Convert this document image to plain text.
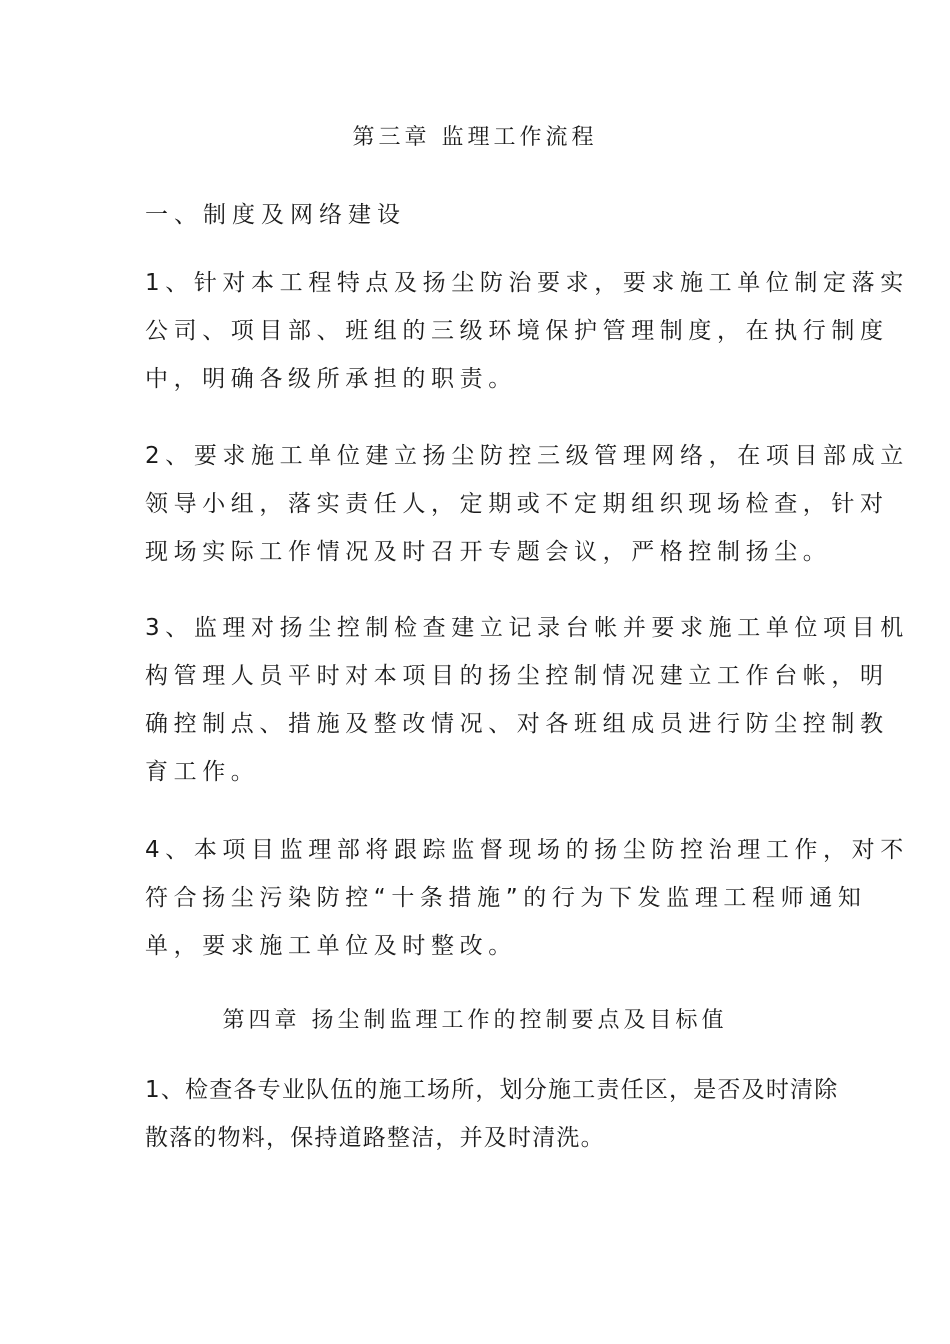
第三章 监理工作流程
一、制度及网络建设

1、针对本工程特点及扬尘防治要求，要求施工单位制定落实
公司、项目部、班组的三级环境保护管理制度，在执行制度
中，明确各级所承担的职责。

2、要求施工单位建立扬尘防控三级管理网络，在项目部成立
领导小组，落实责任人，定期或不定期组织现场检查，针对
现场实际工作情况及时召开专题会议，严格控制扬尘。

3、监理对扬尘控制检查建立记录台帐并要求施工单位项目机
构管理人员平时对本项目的扬尘控制情况建立工作台帐，明
确控制点、措施及整改情况、对各班组成员进行防尘控制教
育工作。

4、本项目监理部将跟踪监督现场的扬尘防控治理工作，对不
符合扬尘污染防控“十条措施”的行为下发监理工程师通知
单，要求施工单位及时整改。

第四章 扬尘制监理工作的控制要点及目标值

1、检查各专业队伍的施工场所，划分施工责任区，是否及时清除
散落的物料，保持道路整洁，并及时清洗。
